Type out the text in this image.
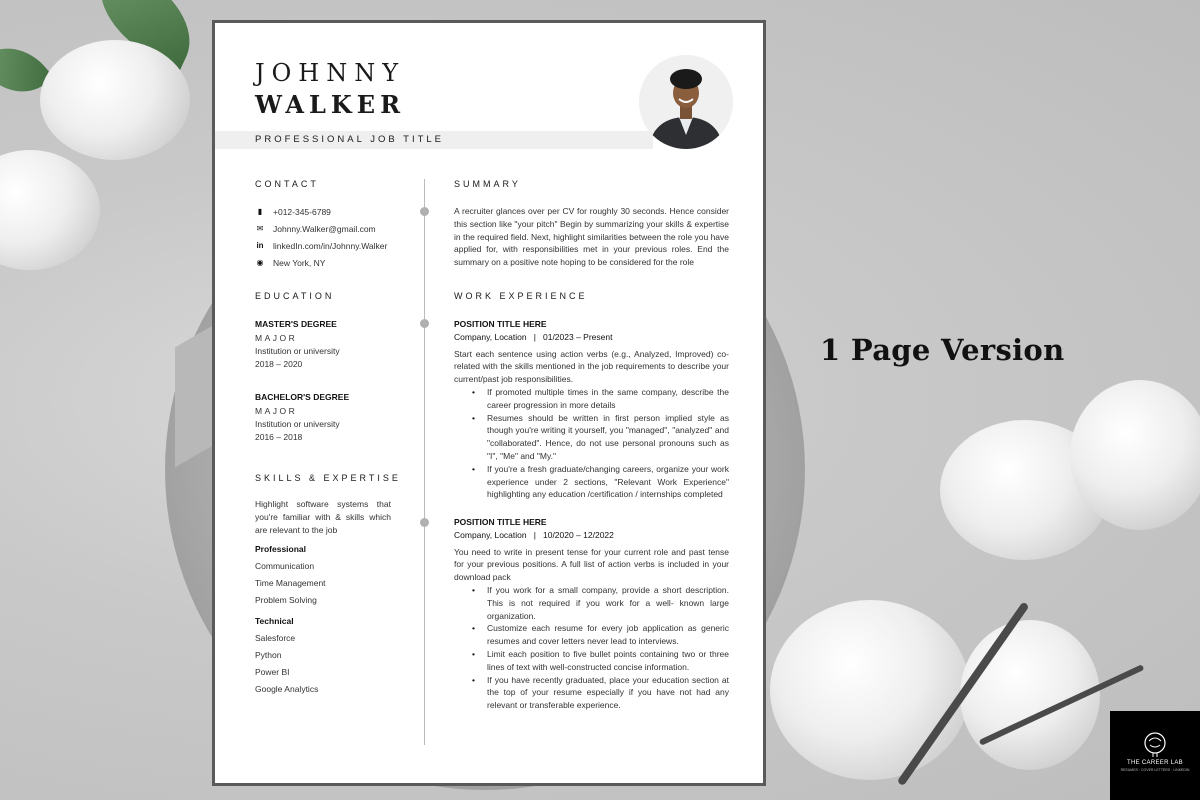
JOHNNY
WALKER
PROFESSIONAL JOB TITLE
CONTACT
▮	+012-345-6789
✉ Johnny.Walker@gmail.com
in linkedIn.com/in/Johnny.Walker
◉ New York, NY
EDUCATION
MASTER'S DEGREE
MAJOR
Institution or university
2018 – 2020
BACHELOR'S DEGREE
MAJOR
Institution or university
2016 – 2018
SKILLS & EXPERTISE
Highlight software systems that you're familiar with & skills which are relevant to the job
Professional
Communication
Time Management
Problem Solving
Technical
Salesforce
Python
Power BI
Google Analytics
SUMMARY
A recruiter glances over per CV for roughly 30 seconds. Hence consider this section like "your pitch" Begin by summarizing your skills & expertise in the required field. Next, highlight similarities between the role you have applied for, with responsibilities met in your previous roles. End the summary on a positive note hoping to be considered for the role
WORK EXPERIENCE
POSITION TITLE HERE
Company, Location   |   01/2023 – Present
Start each sentence using action verbs (e.g., Analyzed, Improved) co-related with the skills mentioned in the job requirements to describe your current/past job responsibilities.
• If promoted multiple times in the same company, describe the career progression in more details
• Resumes should be written in first person implied style as though you're writing it yourself, you "managed", "analyzed" and "collaborated". Hence, do not use personal pronouns such as "I", "Me" and "My."
• If you're a fresh graduate/changing careers, organize your work experience under 2 sections, "Relevant Work Experience" highlighting any education /certification / internships completed
POSITION TITLE HERE
Company, Location   |   10/2020 – 12/2022
You need to write in present tense for your current role and past tense for your previous positions. A full list of action verbs is included in your download pack
• If you work for a small company, provide a short description. This is not required if you work for a well- known large organization.
• Customize each resume for every job application as generic resumes and cover letters never lead to interviews.
• Limit each position to five bullet points containing two or three lines of text with well-constructed concise information.
• If you have recently graduated, place your education section at the top of your resume especially if you have not had any relevant or transferable experience.
1 Page Version
THE CAREER LAB
RESUMES · COVER LETTERS · LINKEDIN
